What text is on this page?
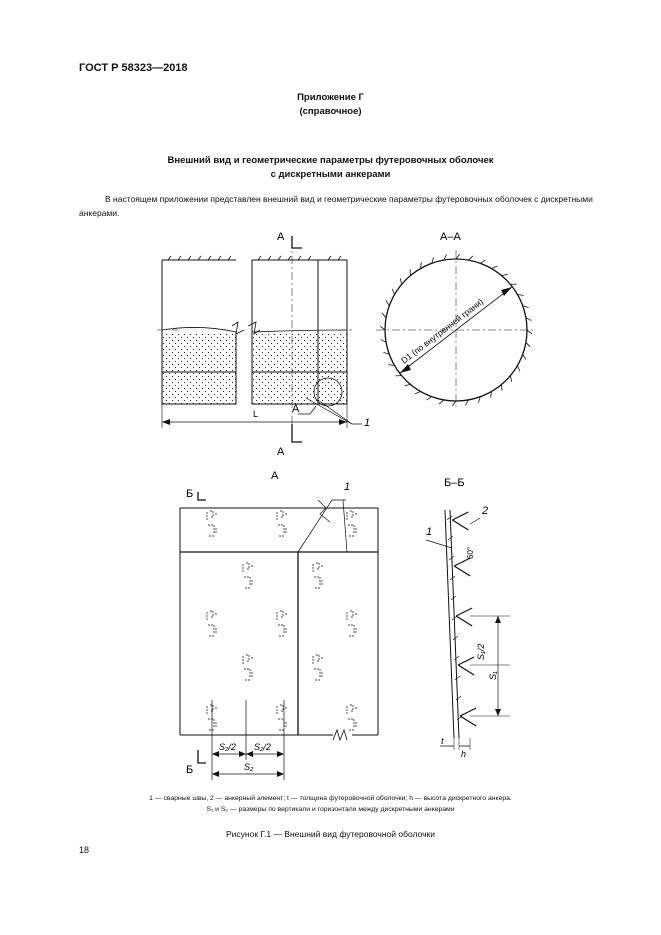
ГОСТ Р 58323—2018
Приложение Г
(справочное)
Внешний вид и геометрические параметры футеровочных оболочек
с дискретными анкерами
В настоящем приложении представлен внешний вид и геометрические параметры футеровочных оболочек с дискретными анкерами.
А
А
L	А
1
А–А
D1 (по внутренней грани)
А
Б
Б
1
S₂/2 S₂/2
S₂
Б–Б
1
2
60°
S₁/2
S₁
t
h
1 — сварные швы, 2 — анкерный элемент; t — толщина футеровочной оболочки; h — высота дискретного анкера.
S₁ и S₂ — размеры по вертикали и горизонтали между дискретными анкерами
Рисунок Г.1 — Внешний вид футеровочной оболочки
18
